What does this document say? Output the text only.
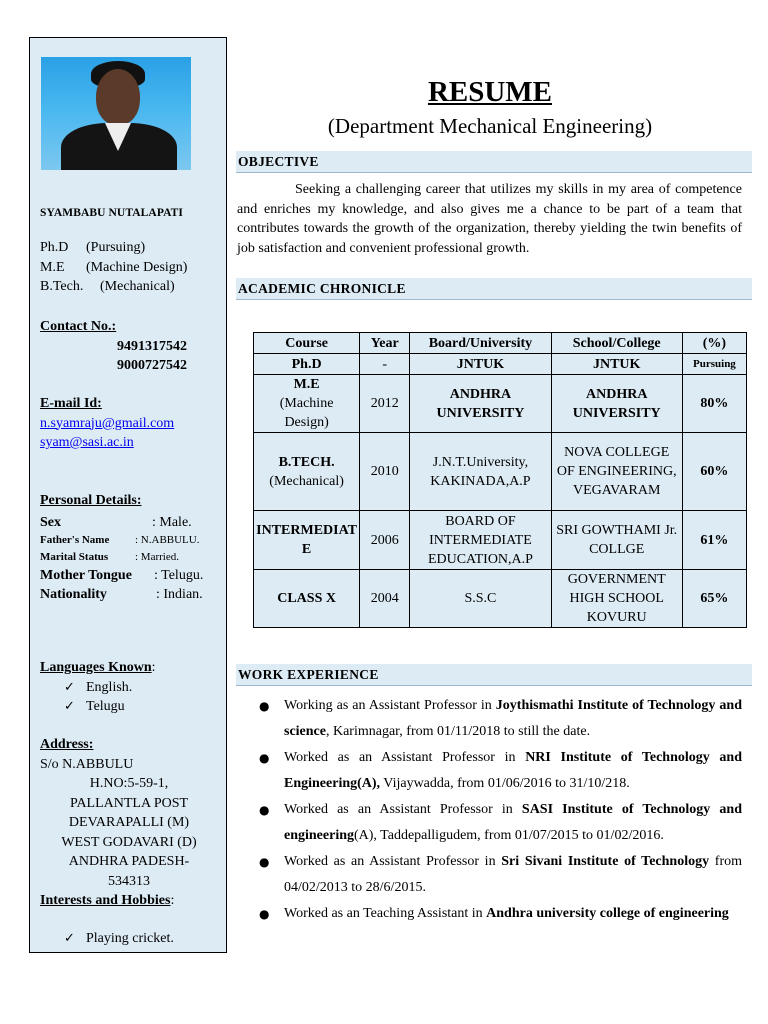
SYAMBABU NUTALAPATI
Ph.D (Pursuing)
M.E (Machine Design)
B.Tech. (Mechanical)
Contact No.:
9491317542
9000727542
E-mail Id:
n.syamraju@gmail.com
syam@sasi.ac.in
Personal Details:
Sex	: Male.
Father's Name : N.ABBULU.
Marital Status : Married.
Mother Tongue : Telugu.
Nationality	: Indian.
Languages Known:
✓ English.
✓ Telugu
Address:
S/o N.ABBULU
H.NO:5-59-1,
PALLANTLA POST
DEVARAPALLI (M)
WEST GODAVARI (D)
ANDHRA PADESH-
534313
Interests and Hobbies:
✓ Playing cricket.
RESUME
(Department Mechanical Engineering)
OBJECTIVE
Seeking a challenging career that utilizes my skills in my area of competence and enriches my knowledge, and also gives me a chance to be part of a team that contributes towards the growth of the organization, thereby yielding the twin benefits of job satisfaction and convenient professional growth.
ACADEMIC CHRONICLE
Course	Year	Board/University	School/College	(%)
Ph.D	-	JNTUK	JNTUK	Pursuing

M.E
(Machine Design)	2012	ANDHRA UNIVERSITY	ANDHRA UNIVERSITY	80%

B.TECH.
(Mechanical)	2010	J.N.T.University, KAKINADA,A.P	NOVA COLLEGE OF ENGINEERING, VEGAVARAM	60%
INTERMEDIATE	2006	BOARD OF INTERMEDIATE EDUCATION,A.P	SRI GOWTHAMI Jr. COLLGE	61%
CLASS X	2004	S.S.C	GOVERNMENT HIGH SCHOOL KOVURU	65%
WORK EXPERIENCE
● Working as an Assistant Professor in Joythismathi Institute of Technology and science, Karimnagar, from 01/11/2018 to still the date.
● Worked as an Assistant Professor in NRI Institute of Technology and Engineering(A), Vijaywadda, from 01/06/2016 to 31/10/218.
● Worked as an Assistant Professor in SASI Institute of Technology and engineering(A), Taddepalligudem, from 01/07/2015 to 01/02/2016.
● Worked as an Assistant Professor in Sri Sivani Institute of Technology from 04/02/2013 to 28/6/2015.
● Worked as an Teaching Assistant in Andhra university college of engineering
